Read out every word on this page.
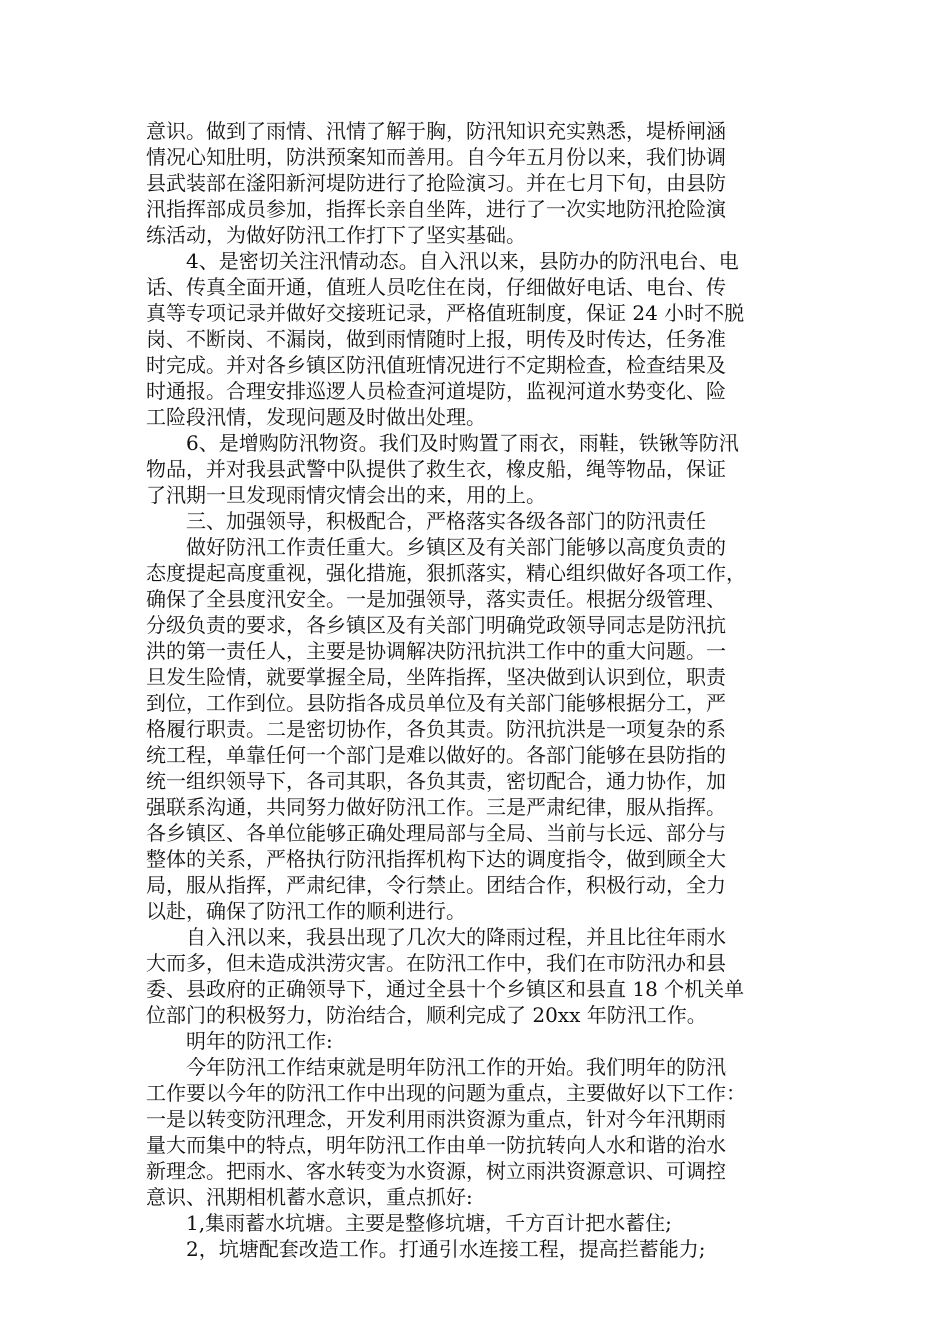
意识。做到了雨情、汛情了解于胸，防汛知识充实熟悉，堤桥闸涵
情况心知肚明，防洪预案知而善用。自今年五月份以来，我们协调
县武装部在滏阳新河堤防进行了抢险演习。并在七月下旬，由县防
汛指挥部成员参加，指挥长亲自坐阵，进行了一次实地防汛抢险演
练活动，为做好防汛工作打下了坚实基础。
4、是密切关注汛情动态。自入汛以来，县防办的防汛电台、电
话、传真全面开通，值班人员吃住在岗，仔细做好电话、电台、传
真等专项记录并做好交接班记录，严格值班制度，保证 24 小时不脱
岗、不断岗、不漏岗，做到雨情随时上报，明传及时传达，任务准
时完成。并对各乡镇区防汛值班情况进行不定期检查，检查结果及
时通报。合理安排巡逻人员检查河道堤防，监视河道水势变化、险
工险段汛情，发现问题及时做出处理。
6、是增购防汛物资。我们及时购置了雨衣，雨鞋，铁锹等防汛
物品，并对我县武警中队提供了救生衣，橡皮船，绳等物品，保证
了汛期一旦发现雨情灾情会出的来，用的上。
三、加强领导，积极配合，严格落实各级各部门的防汛责任
做好防汛工作责任重大。乡镇区及有关部门能够以高度负责的
态度提起高度重视，强化措施，狠抓落实，精心组织做好各项工作，
确保了全县度汛安全。一是加强领导，落实责任。根据分级管理、
分级负责的要求，各乡镇区及有关部门明确党政领导同志是防汛抗
洪的第一责任人，主要是协调解决防汛抗洪工作中的重大问题。一
旦发生险情，就要掌握全局，坐阵指挥，坚决做到认识到位，职责
到位，工作到位。县防指各成员单位及有关部门能够根据分工，严
格履行职责。二是密切协作，各负其责。防汛抗洪是一项复杂的系
统工程，单靠任何一个部门是难以做好的。各部门能够在县防指的
统一组织领导下，各司其职，各负其责，密切配合，通力协作，加
强联系沟通，共同努力做好防汛工作。三是严肃纪律，服从指挥。
各乡镇区、各单位能够正确处理局部与全局、当前与长远、部分与
整体的关系，严格执行防汛指挥机构下达的调度指令，做到顾全大
局，服从指挥，严肃纪律，令行禁止。团结合作，积极行动，全力
以赴，确保了防汛工作的顺利进行。
自入汛以来，我县出现了几次大的降雨过程，并且比往年雨水
大而多，但未造成洪涝灾害。在防汛工作中，我们在市防汛办和县
委、县政府的正确领导下，通过全县十个乡镇区和县直 18 个机关单
位部门的积极努力，防治结合，顺利完成了 20xx 年防汛工作。
明年的防汛工作:
今年防汛工作结束就是明年防汛工作的开始。我们明年的防汛
工作要以今年的防汛工作中出现的问题为重点，主要做好以下工作：
一是以转变防汛理念，开发利用雨洪资源为重点，针对今年汛期雨
量大而集中的特点，明年防汛工作由单一防抗转向人水和谐的治水
新理念。把雨水、客水转变为水资源，树立雨洪资源意识、可调控
意识、汛期相机蓄水意识，重点抓好:
1,集雨蓄水坑塘。主要是整修坑塘，千方百计把水蓄住;
2，坑塘配套改造工作。打通引水连接工程，提高拦蓄能力;
